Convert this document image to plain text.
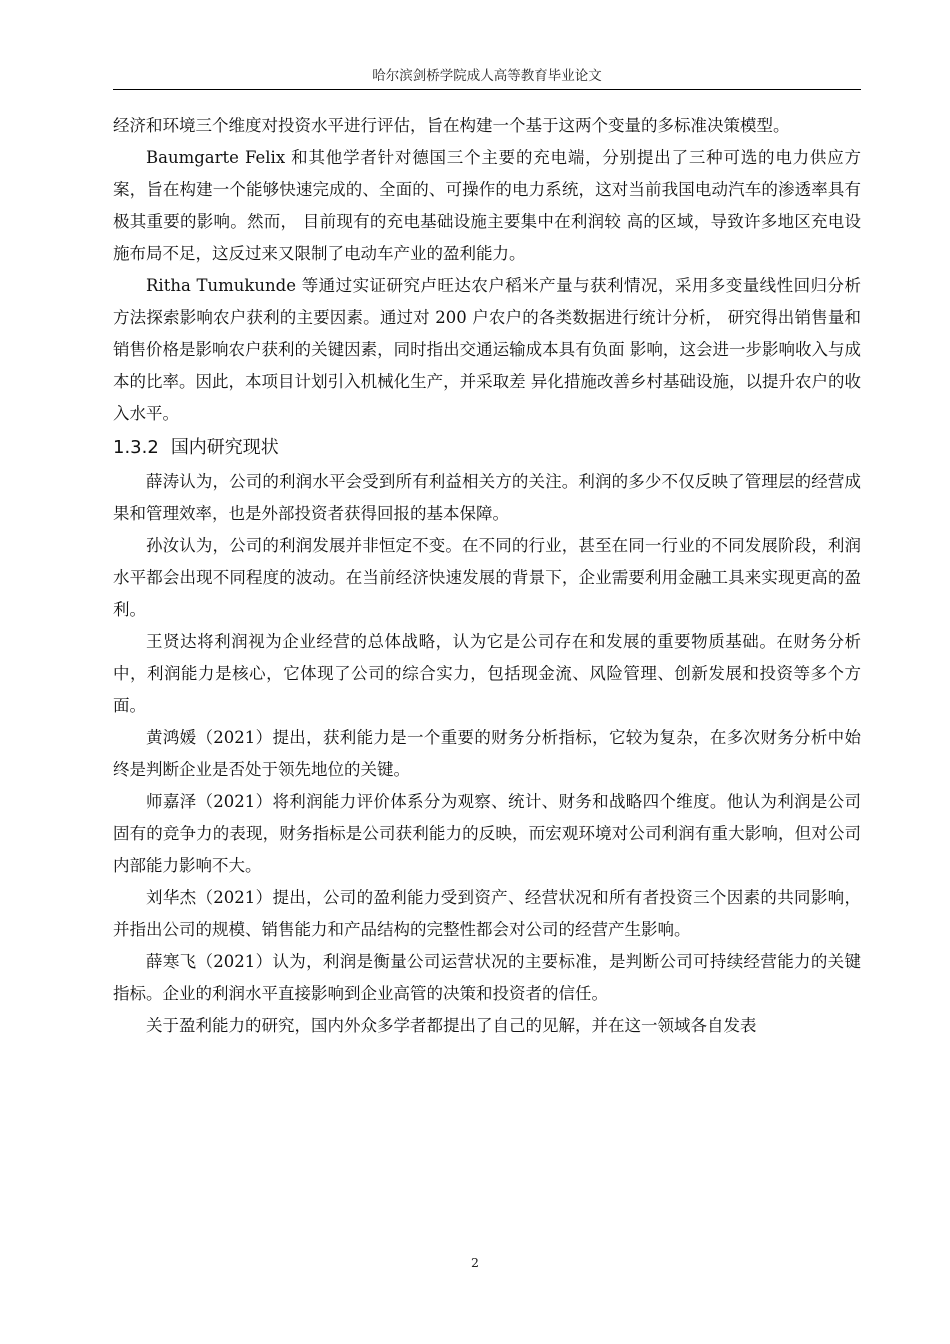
哈尔滨剑桥学院成人高等教育毕业论文

经济和环境三个维度对投资水平进行评估，旨在构建一个基于这两个变量的多标准决策模型。

Baumgarte Felix 和其他学者针对德国三个主要的充电端，分别提出了三种可选的电力供应方案，旨在构建一个能够快速完成的、全面的、可操作的电力系统，这对当前我国电动汽车的渗透率具有极其重要的影响。然而， 目前现有的充电基础设施主要集中在利润较 高的区域，导致许多地区充电设施布局不足，这反过来又限制了电动车产业的盈利能力。

Ritha Tumukunde 等通过实证研究卢旺达农户稻米产量与获利情况，采用多变量线性回归分析方法探索影响农户获利的主要因素。通过对 200 户农户的各类数据进行统计分析， 研究得出销售量和销售价格是影响农户获利的关键因素，同时指出交通运输成本具有负面 影响，这会进一步影响收入与成本的比率。因此，本项目计划引入机械化生产，并采取差 异化措施改善乡村基础设施，以提升农户的收入水平。

1.3.2 国内研究现状

薛涛认为，公司的利润水平会受到所有利益相关方的关注。利润的多少不仅反映了管理层的经营成果和管理效率，也是外部投资者获得回报的基本保障。

孙汝认为，公司的利润发展并非恒定不变。在不同的行业，甚至在同一行业的不同发展阶段，利润水平都会出现不同程度的波动。在当前经济快速发展的背景下，企业需要利用金融工具来实现更高的盈利。

王贤达将利润视为企业经营的总体战略，认为它是公司存在和发展的重要物质基础。在财务分析中，利润能力是核心，它体现了公司的综合实力，包括现金流、风险管理、创新发展和投资等多个方面。

黄鸿媛（2021）提出，获利能力是一个重要的财务分析指标，它较为复杂，在多次财务分析中始终是判断企业是否处于领先地位的关键。

师嘉泽（2021）将利润能力评价体系分为观察、统计、财务和战略四个维度。他认为利润是公司固有的竞争力的表现，财务指标是公司获利能力的反映，而宏观环境对公司利润有重大影响，但对公司内部能力影响不大。

刘华杰（2021）提出，公司的盈利能力受到资产、经营状况和所有者投资三个因素的共同影响，并指出公司的规模、销售能力和产品结构的完整性都会对公司的经营产生影响。

薛寒飞（2021）认为，利润是衡量公司运营状况的主要标准，是判断公司可持续经营能力的关键指标。企业的利润水平直接影响到企业高管的决策和投资者的信任。

关于盈利能力的研究，国内外众多学者都提出了自己的见解，并在这一领域各自发表

2
